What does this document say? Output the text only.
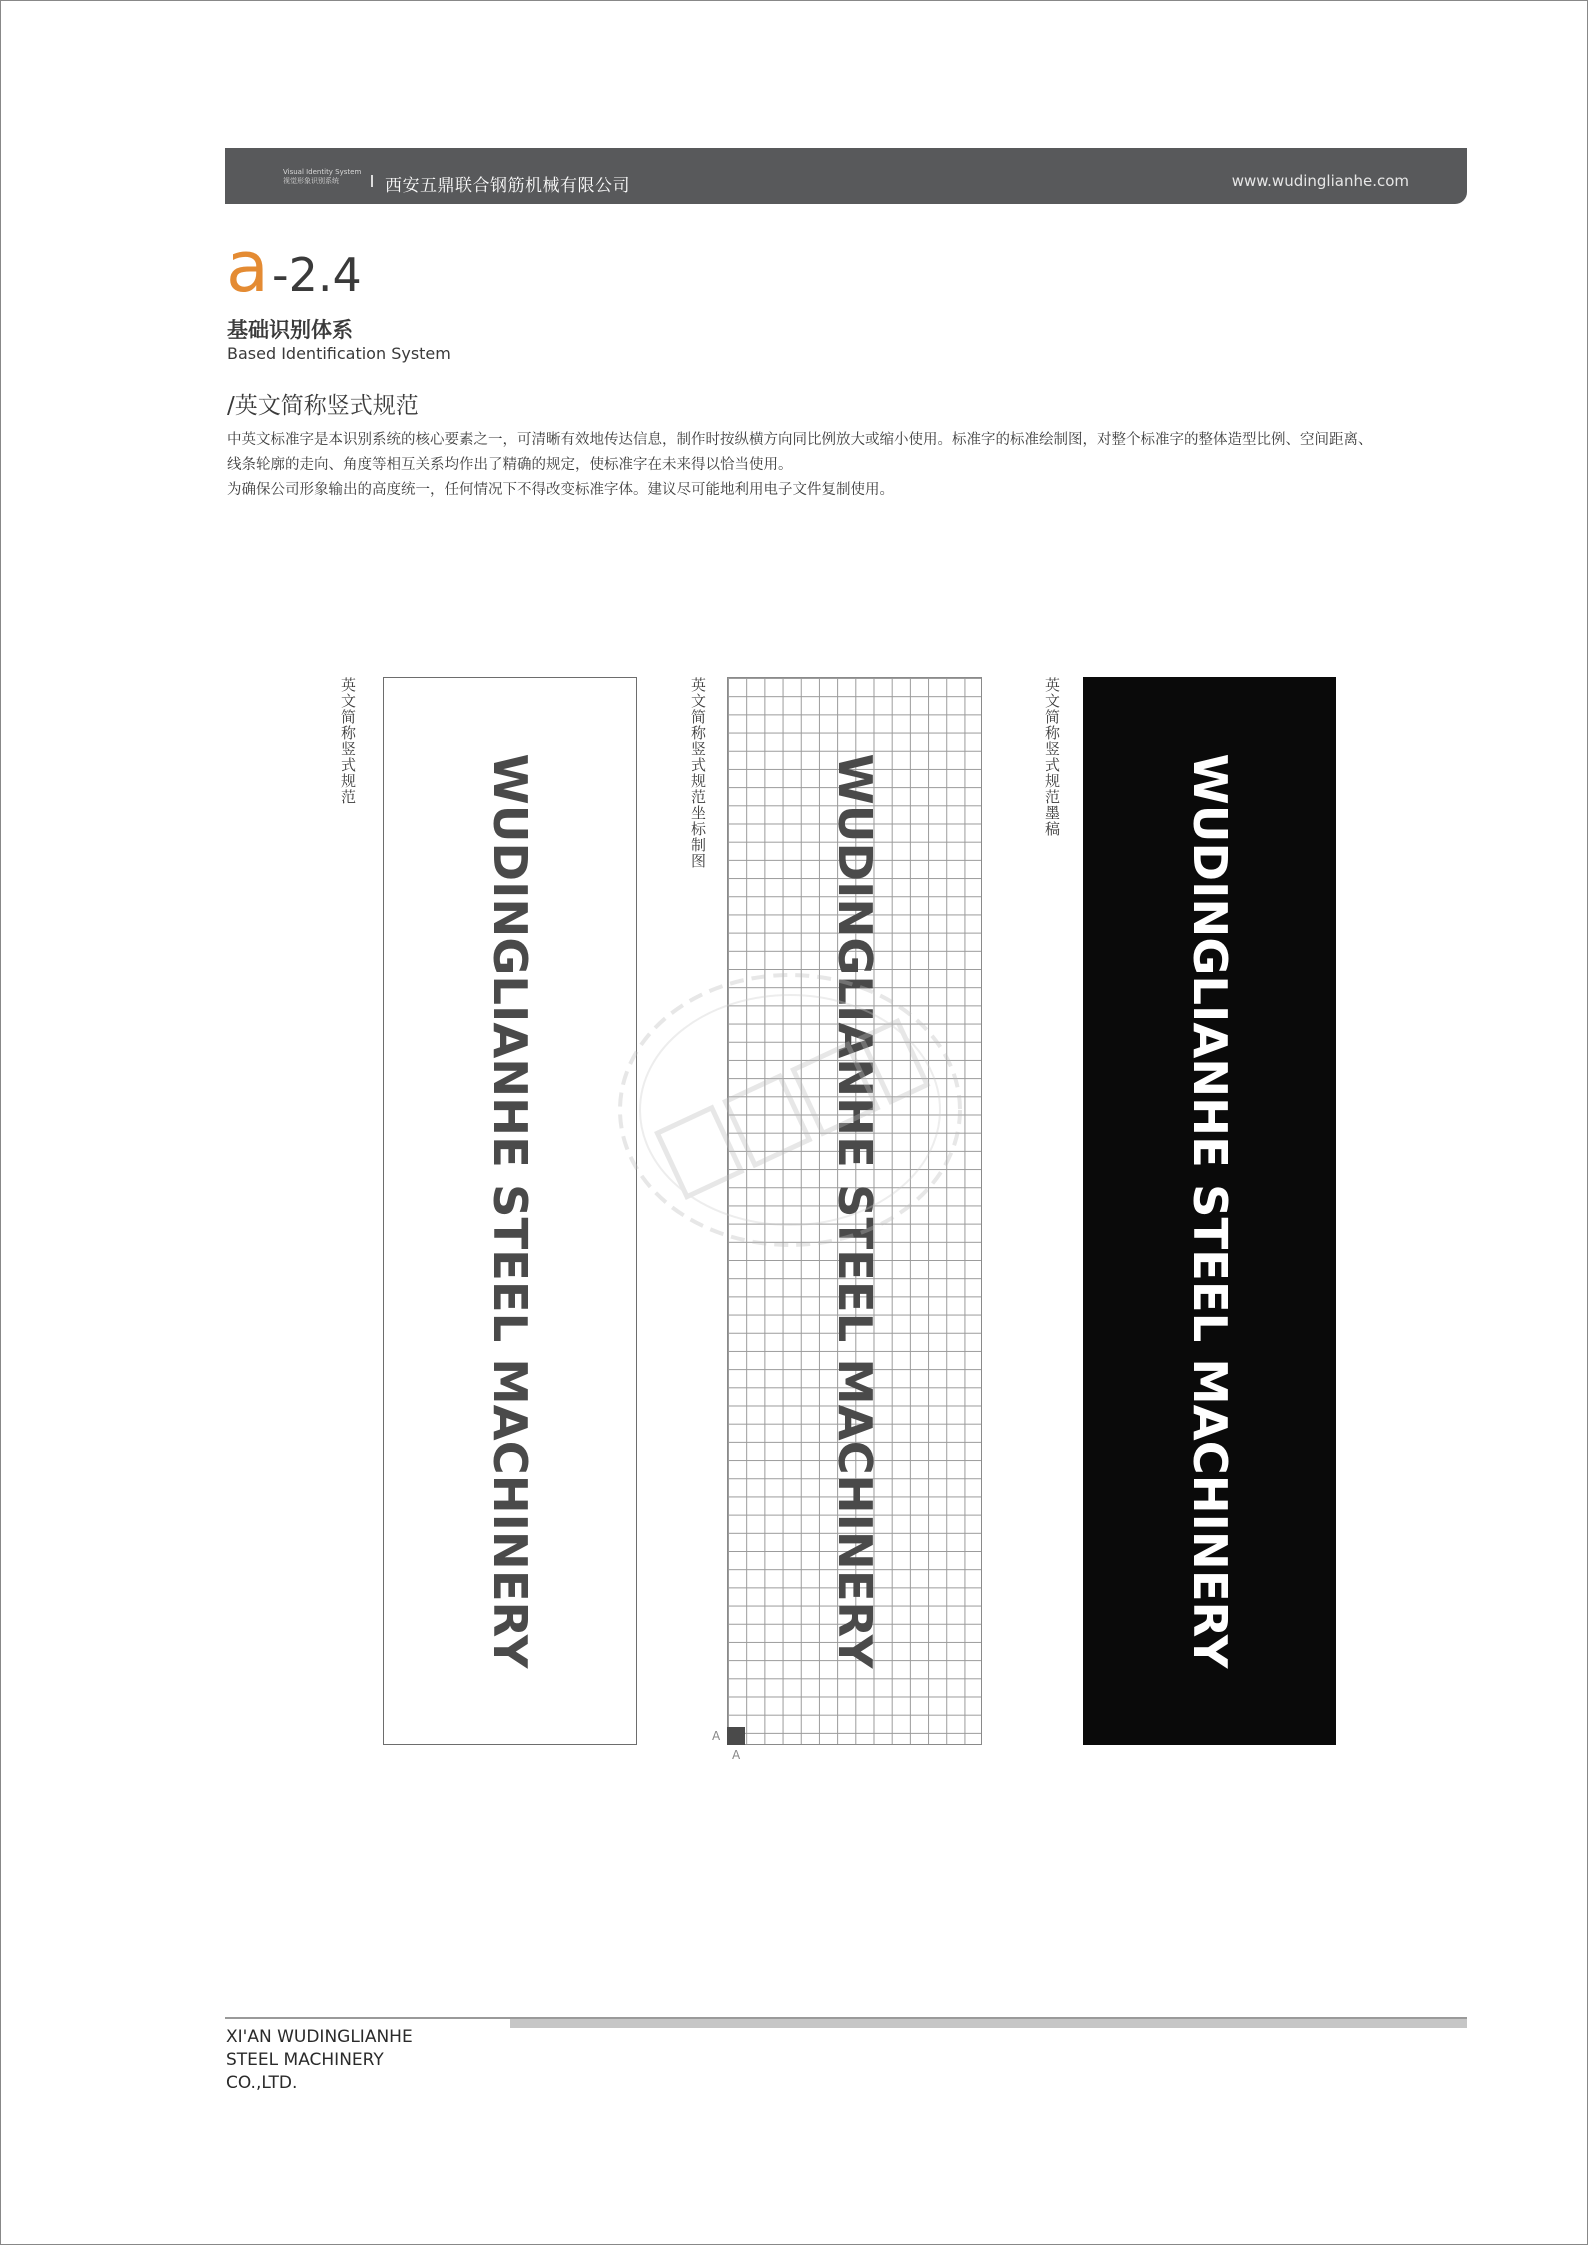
Visual Identity System
视觉形象识别系统	西安五鼎联合钢筋机械有限公司	www.wudinglianhe.com
a -2.4
基础识别体系
Based Identification System
/英文简称竖式规范

中英文标准字是本识别系统的核心要素之一，可清晰有效地传达信息，制作时按纵横方向同比例放大或缩小使用。标准字的标准绘制图，对整个标准字的整体造型比例、空间距离、

线条轮廓的走向、角度等相互关系均作出了精确的规定，使标准字在未来得以恰当使用。

为确保公司形象输出的高度统一，任何情况下不得改变标准字体。建议尽可能地利用电子文件复制使用。

英文简称竖式规范	英文简称竖式规范坐标制图	英文简称竖式规范墨稿
WUDINGLIANHE STEEL MACHINERY	WUDINGLIANHE STEEL MACHINERY	WUDINGLIANHE STEEL MACHINERY
A
A
XI'AN WUDINGLIANHE
STEEL MACHINERY
CO.,LTD.
